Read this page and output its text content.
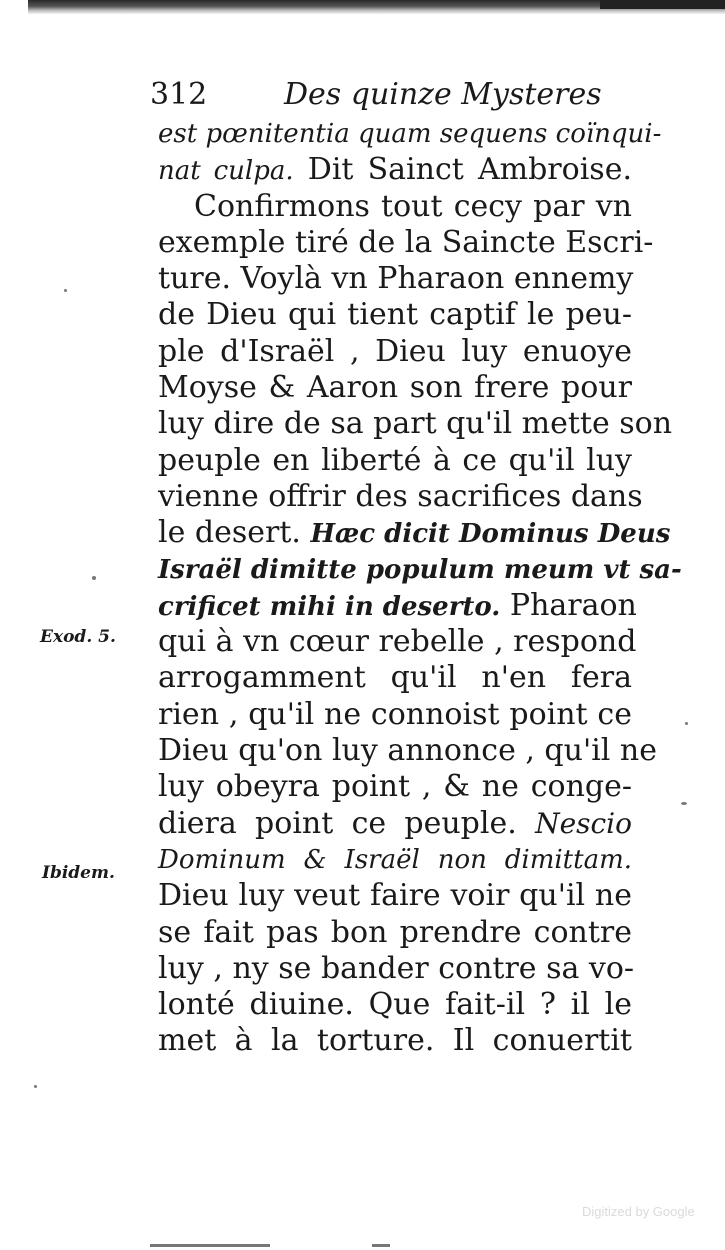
312	Des quinze Mysteres
est pœnitentia quam sequens coïnqui-
nat culpa. Dit Sainct Ambroise.
Confirmons tout cecy par vn
exemple tiré de la Saincte Escri-
ture. Voylà vn Pharaon ennemy
de Dieu qui tient captif le peu-
ple d'Israël , Dieu luy enuoye
Moyse & Aaron son frere pour
luy dire de sa part qu'il mette son
peuple en liberté à ce qu'il luy
vienne offrir des sacrifices dans
le desert. Hæc dicit Dominus Deus
Israël dimitte populum meum vt sa-
crificet mihi in deserto. Pharaon
qui à vn cœur rebelle , respond
arrogamment qu'il n'en fera
rien , qu'il ne connoist point ce
Dieu qu'on luy annonce , qu'il ne
luy obeyra point , & ne conge-
diera point ce peuple. Nescio
Dominum & Israël non dimittam.
Dieu luy veut faire voir qu'il ne
se fait pas bon prendre contre
luy , ny se bander contre sa vo-
lonté diuine. Que fait-il ? il le
met à la torture. Il conuertit
Exod. 5.
Ibidem.
Digitized by Google
